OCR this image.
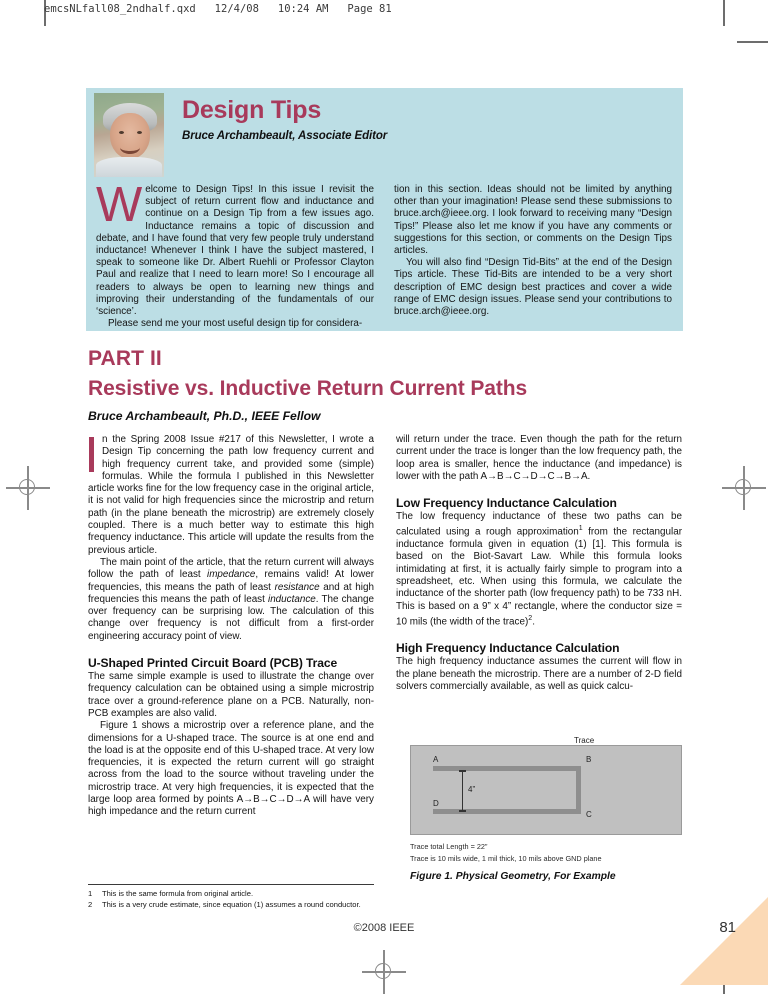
emcsNLfall08_2ndhalf.qxd   12/4/08   10:24 AM   Page 81
Design Tips
Bruce Archambeault, Associate Editor

Welcome to Design Tips! In this issue I revisit the subject of return current flow and inductance and continue on a Design Tip from a few issues ago. Inductance remains a topic of discussion and debate, and I have found that very few people truly understand inductance! Whenever I think I have the subject mastered, I speak to someone like Dr. Albert Ruehli or Professor Clayton Paul and realize that I need to learn more! So I encourage all readers to always be open to learning new things and improving their understanding of the fundamentals of our ‘science’.

Please send me your most useful design tip for considera-

tion in this section. Ideas should not be limited by anything other than your imagination! Please send these submissions to bruce.arch@ieee.org. I look forward to receiving many “Design Tips!” Please also let me know if you have any comments or suggestions for this section, or comments on the Design Tips articles.

You will also find “Design Tid-Bits” at the end of the Design Tips article. These Tid-Bits are intended to be a very short description of EMC design best practices and cover a wide range of EMC design issues. Please send your contributions to bruce.arch@ieee.org.

PART II
Resistive vs. Inductive Return Current Paths
Bruce Archambeault, Ph.D., IEEE Fellow

n the Spring 2008 Issue #217 of this Newsletter, I wrote a Design Tip concerning the path low frequency current and high frequency current take, and provided some (simple) formulas. While the formula I published in this Newsletter article works fine for the low frequency case in the original article, it is not valid for high frequencies since the microstrip and return path (in the plane beneath the microstrip) are extremely closely coupled. There is a much better way to estimate this high frequency inductance. This article will update the results from the previous article.

The main point of the article, that the return current will always follow the path of least impedance, remains valid! At lower frequencies, this means the path of least resistance and at high frequencies this means the path of least inductance. The change over frequency can be surprising low. The calculation of this change over frequency is not difficult from a first-order engineering accuracy point of view.

U-Shaped Printed Circuit Board (PCB) Trace

The same simple example is used to illustrate the change over frequency calculation can be obtained using a simple microstrip trace over a ground-reference plane on a PCB. Naturally, non-PCB examples are also valid.

Figure 1 shows a microstrip over a reference plane, and the dimensions for a U-shaped trace. The source is at one end and the load is at the opposite end of this U-shaped trace. At very low frequencies, it is expected the return current will go straight across from the load to the source without traveling under the microstrip trace. At very high frequencies, it is expected that the large loop area formed by points A→B→C→D→A will have very high impedance and the return current

will return under the trace. Even though the path for the return current under the trace is longer than the low frequency path, the loop area is smaller, hence the inductance (and impedance) is lower with the path A→B→C→D→C→B→A.

Low Frequency Inductance Calculation

The low frequency inductance of these two paths can be calculated using a rough approximation$^1$ from the rectangular inductance formula given in equation (1) [1]. This formula is based on the Biot-Savart Law. While this formula looks intimidating at first, it is actually fairly simple to program into a spreadsheet, etc. When using this formula, we calculate the inductance of the shorter path (low frequency path) to be 733 nH. This is based on a 9” x 4” rectangle, where the conductor size = 10 mils (the width of the trace)$^2$.

High Frequency Inductance Calculation

The high frequency inductance assumes the current will flow in the plane beneath the microstrip. There are a number of 2-D field solvers commercially available, as well as quick calcu-

1	This is the same formula from original article.
2	This is a very crude estimate, since equation (1) assumes a round conductor.
Trace
A	B
C
D
4”
Trace total Length = 22”
Trace is 10 mils wide, 1 mil thick, 10 mils above GND plane
Figure 1. Physical Geometry, For Example
©2008 IEEE	81
